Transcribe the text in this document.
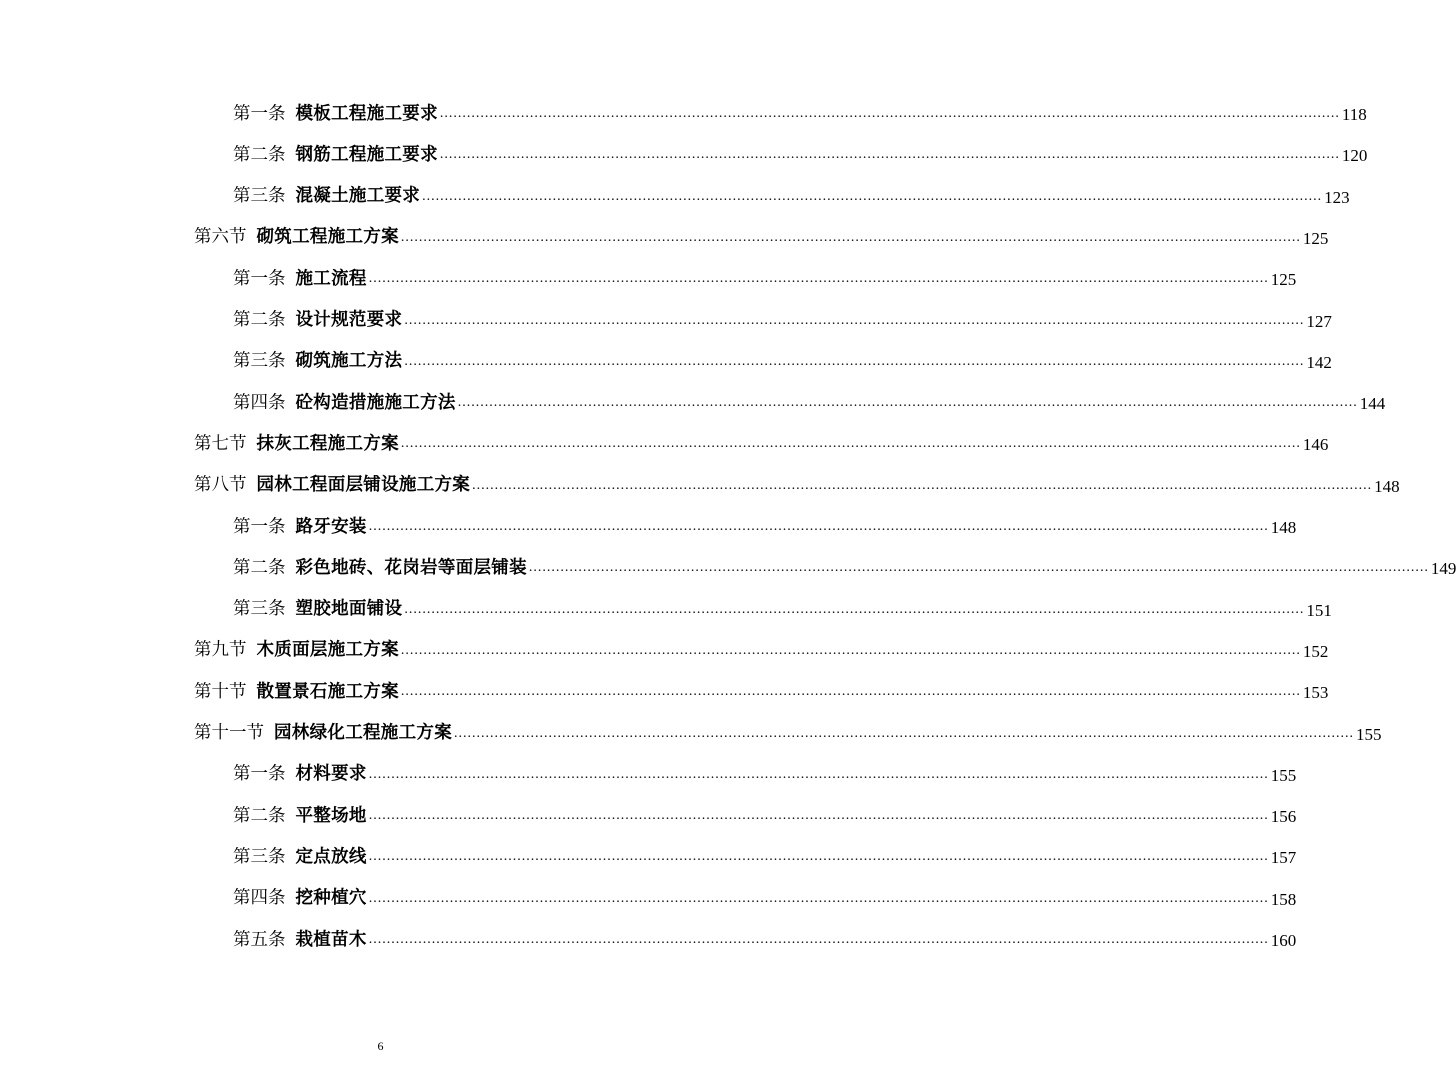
第一条 模板工程施工要求 ........................................................................................................................................................................................................ 118
第二条 钢筋工程施工要求 ........................................................................................................................................................................................................ 120
第三条 混凝土施工要求 ........................................................................................................................................................................................................ 123
第六节 砌筑工程施工方案 ........................................................................................................................................................................................................ 125
第一条 施工流程 ........................................................................................................................................................................................................ 125
第二条 设计规范要求 ........................................................................................................................................................................................................ 127
第三条 砌筑施工方法 ........................................................................................................................................................................................................ 142
第四条 砼构造措施施工方法 ........................................................................................................................................................................................................ 144
第七节 抹灰工程施工方案 ........................................................................................................................................................................................................ 146
第八节 园林工程面层铺设施工方案 ........................................................................................................................................................................................................ 148
第一条 路牙安装 ........................................................................................................................................................................................................ 148
第二条 彩色地砖、花岗岩等面层铺装 ........................................................................................................................................................................................................ 149
第三条 塑胶地面铺设 ........................................................................................................................................................................................................ 151
第九节 木质面层施工方案 ........................................................................................................................................................................................................ 152
第十节 散置景石施工方案 ........................................................................................................................................................................................................ 153
第十一节 园林绿化工程施工方案 ........................................................................................................................................................................................................ 155
第一条 材料要求 ........................................................................................................................................................................................................ 155
第二条 平整场地 ........................................................................................................................................................................................................ 156
第三条 定点放线 ........................................................................................................................................................................................................ 157
第四条 挖种植穴 ........................................................................................................................................................................................................ 158
第五条 栽植苗木 ........................................................................................................................................................................................................ 160
6
